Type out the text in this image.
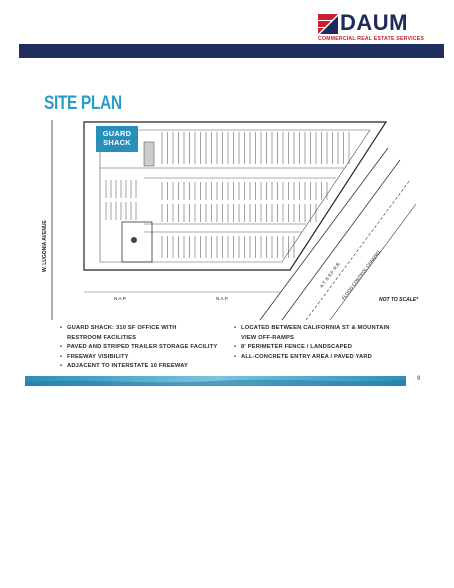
DAUM
COMMERCIAL REAL ESTATE SERVICES
SITE PLAN
W. LUGONIA AVENUE
A.T. & S.F. R.R. FLOOD CONTROL CHANNEL
N.A.P.	N.A.P.
GUARD
SHACK
NOT TO SCALE*
• GUARD SHACK: 310 SF OFFICE WITH
RESTROOM FACILITIES
• PAVED AND STRIPED TRAILER STORAGE FACILITY
• FREEWAY VISIBILITY
• ADJACENT TO INTERSTATE 10 FREEWAY
• LOCATED BETWEEN CALIFORNIA ST & MOUNTAIN
VIEW OFF-RAMPS
• 8' PERIMETER FENCE / LANDSCAPED
• ALL-CONCRETE ENTRY AREA / PAVED YARD
9
